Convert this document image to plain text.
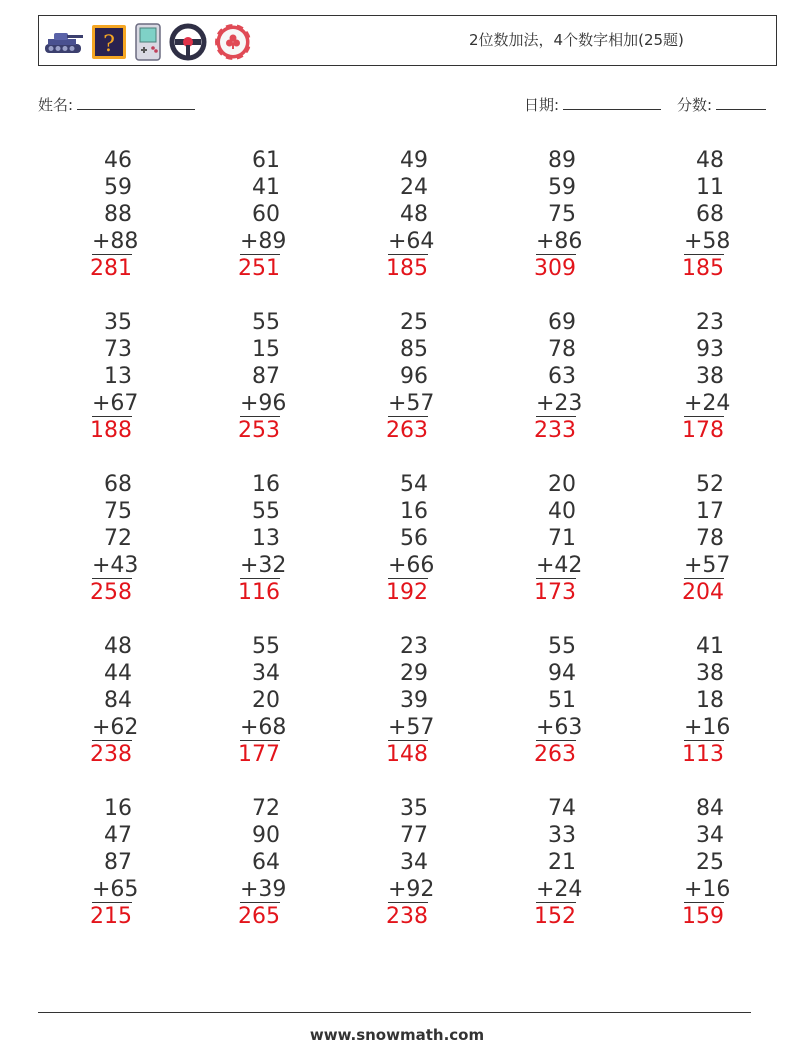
?	2位数加法，4个数字相加(25题)
姓名:	日期:	分数:
46
59
88
+88
281
61
41
60
+89
251
49
24
48
+64
185
89
59
75
+86
309
48
11
68
+58
185
35
73
13
+67
188
55
15
87
+96
253
25
85
96
+57
263
69
78
63
+23
233
23
93
38
+24
178
68
75
72
+43
258
16
55
13
+32
116
54
16
56
+66
192
20
40
71
+42
173
52
17
78
+57
204
48
44
84
+62
238
55
34
20
+68
177
23
29
39
+57
148
55
94
51
+63
263
41
38
18
+16
113
16
47
87
+65
215
72
90
64
+39
265
35
77
34
+92
238
74
33
21
+24
152
84
34
25
+16
159
www.snowmath.com
